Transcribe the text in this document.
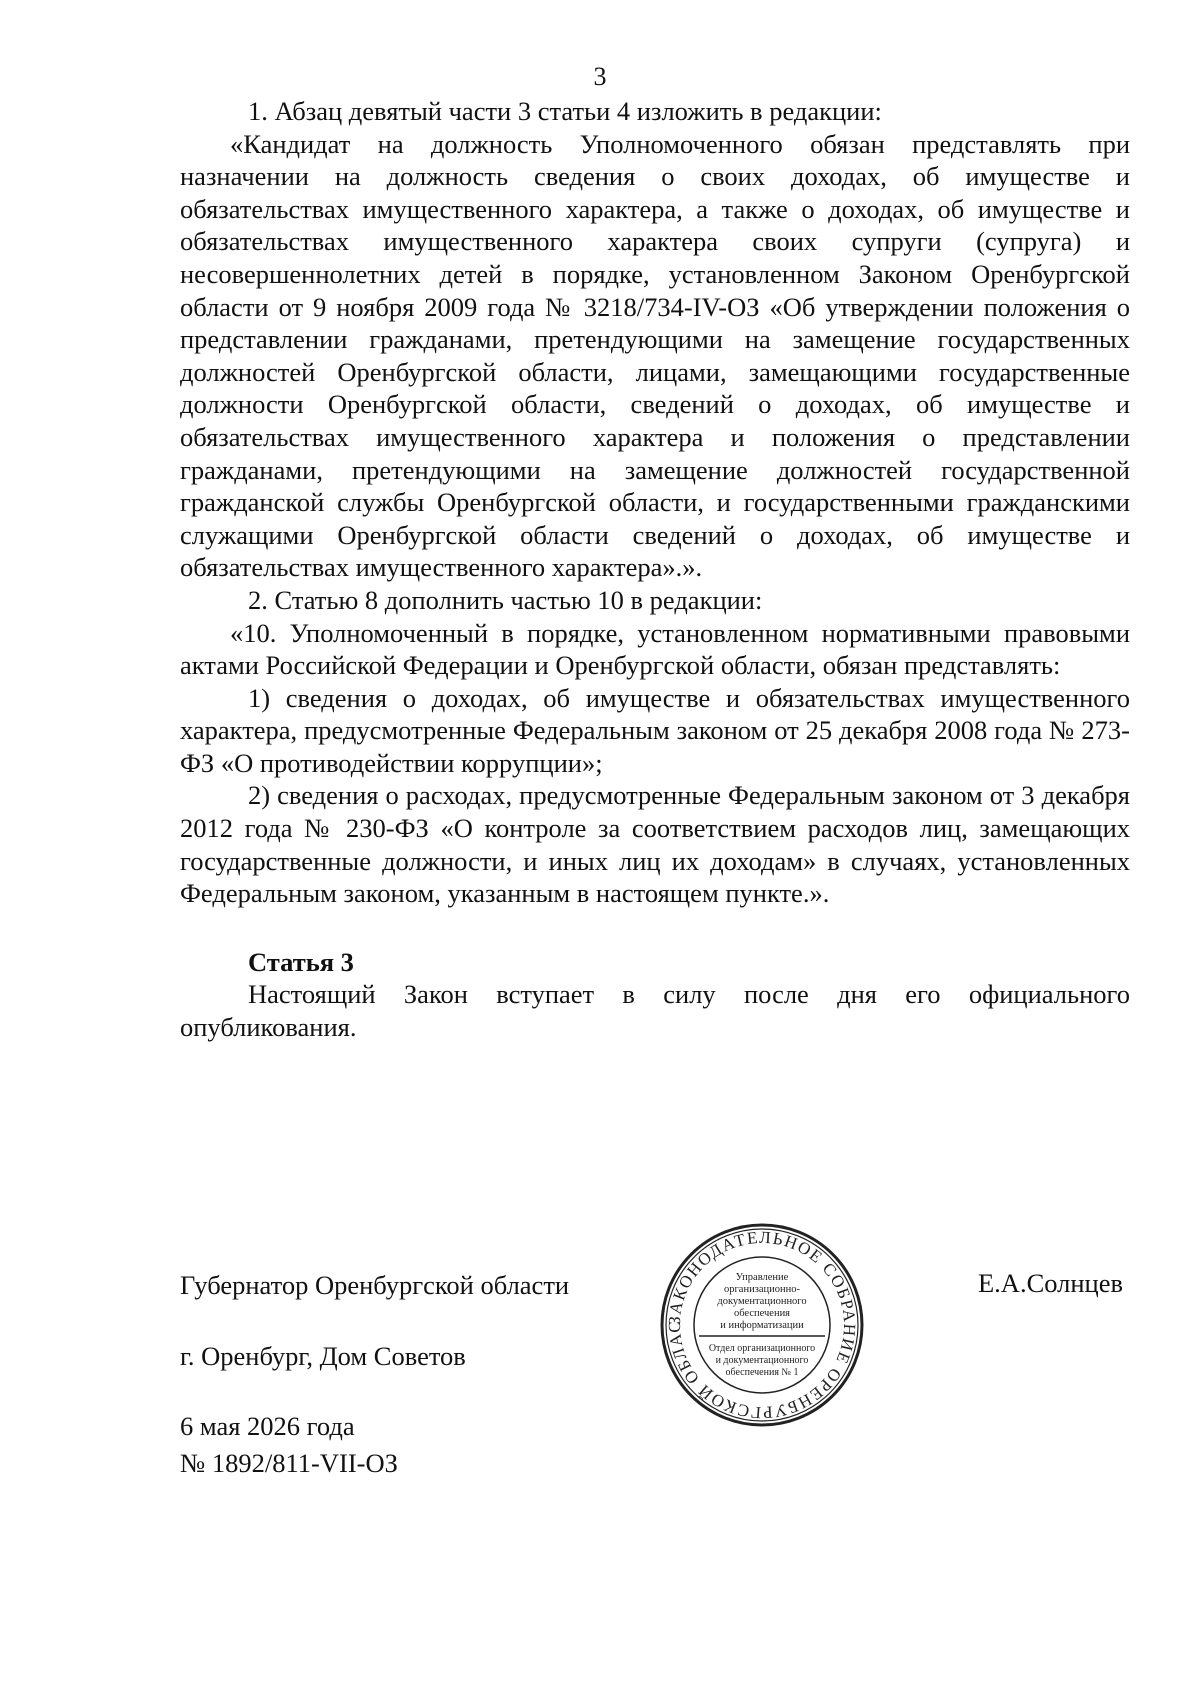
3

1. Абзац девятый части 3 статьи 4 изложить в редакции:

«Кандидат на должность Уполномоченного обязан представлять при назначении на должность сведения о своих доходах, об имуществе и обязательствах имущественного характера, а также о доходах, об имуществе и обязательствах имущественного характера своих супруги (супруга) и несовершеннолетних детей в порядке, установленном Законом Оренбургской области от 9 ноября 2009 года № 3218/734-IV-ОЗ «Об утверждении положения о представлении гражданами, претендующими на замещение государственных должностей Оренбургской области, лицами, замещающими государственные должности Оренбургской области, сведений о доходах, об имуществе и обязательствах имущественного характера и положения о представлении гражданами, претендующими на замещение должностей государственной гражданской службы Оренбургской области, и государственными гражданскими служащими Оренбургской области сведений о доходах, об имуществе и обязательствах имущественного характера».».

2. Статью 8 дополнить частью 10 в редакции:

«10. Уполномоченный в порядке, установленном нормативными правовыми актами Российской Федерации и Оренбургской области, обязан представлять:

1) сведения о доходах, об имуществе и обязательствах имущественного характера, предусмотренные Федеральным законом от 25 декабря 2008 года № 273-ФЗ «О противодействии коррупции»;

2) сведения о расходах, предусмотренные Федеральным законом от 3 декабря 2012 года № 230-ФЗ «О контроле за соответствием расходов лиц, замещающих государственные должности, и иных лиц их доходам» в случаях, установленных Федеральным законом, указанным в настоящем пункте.».

Статья 3

Настоящий Закон вступает в силу после дня его официального опубликования.

Губернатор Оренбургской области	Е.А.Солнцев
г. Оренбург, Дом Советов
6 мая 2026 года
№ 1892/811-VII-ОЗ
ЗАКОНОДАТЕЛЬНОЕ СОБРАНИЕ ОРЕНБУРГСКОЙ ОБЛАС
Управление
организационно-
документационного
обеспечения
и информатизации
Отдел организационного
и документационного
обеспечения № 1
